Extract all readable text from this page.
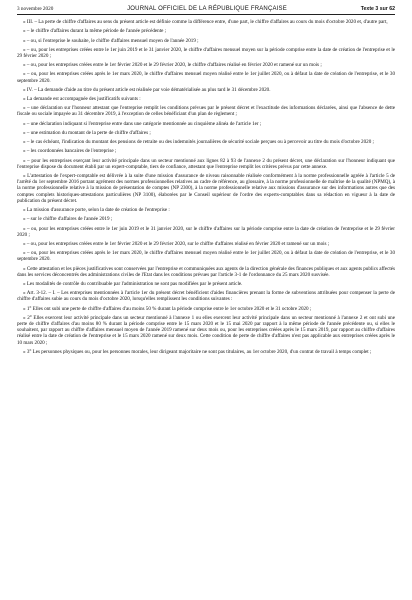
3 novembre 2020	JOURNAL OFFICIEL DE LA RÉPUBLIQUE FRANÇAISE	Texte 3 sur 62

« III. – La perte de chiffre d'affaires au sens du présent article est définie comme la différence entre, d'une part, le chiffre d'affaires au cours du mois d'octobre 2020 et, d'autre part,

« – le chiffre d'affaires durant la même période de l'année précédente ;

« – ou, si l'entreprise le souhaite, le chiffre d'affaires mensuel moyen de l'année 2019 ;

« – ou, pour les entreprises créées entre le 1er juin 2019 et le 31 janvier 2020, le chiffre d'affaires mensuel moyen sur la période comprise entre la date de création de l'entreprise et le 29 février 2020 ;

« – ou, pour les entreprises créées entre le 1er février 2020 et le 29 février 2020, le chiffre d'affaires réalisé en février 2020 et ramené sur un mois ;

« – ou, pour les entreprises créées après le 1er mars 2020, le chiffre d'affaires mensuel moyen réalisé entre le 1er juillet 2020, ou à défaut la date de création de l'entreprise, et le 30 septembre 2020.

« IV. – La demande d'aide au titre du présent article est réalisée par voie dématérialisée au plus tard le 31 décembre 2020.

« La demande est accompagnée des justificatifs suivants :

« – une déclaration sur l'honneur attestant que l'entreprise remplit les conditions prévues par le présent décret et l'exactitude des informations déclarées, ainsi que l'absence de dette fiscale ou sociale impayée au 31 décembre 2019, à l'exception de celles bénéficiant d'un plan de règlement ;

« – une déclaration indiquant si l'entreprise entre dans une catégorie mentionnée au cinquième alinéa de l'article 1er ;

« – une estimation du montant de la perte de chiffre d'affaires ;

« – le cas échéant, l'indication du montant des pensions de retraite ou des indemnités journalières de sécurité sociale perçues ou à percevoir au titre du mois d'octobre 2020 ;

« – les coordonnées bancaires de l'entreprise ;

« – pour les entreprises exerçant leur activité principale dans un secteur mentionné aux lignes 82 à 93 de l'annexe 2 du présent décret, une déclaration sur l'honneur indiquant que l'entreprise dispose du document établi par un expert-comptable, tiers de confiance, attestant que l'entreprise remplit les critères prévus par cette annexe.

« L'attestation de l'expert-comptable est délivrée à la suite d'une mission d'assurance de niveau raisonnable réalisée conformément à la norme professionnelle agréée à l'article 5 de l'arrêté du 1er septembre 2016 portant agrément des normes professionnelles relatives au cadre de référence, au glossaire, à la norme professionnelle de maîtrise de la qualité (NPMQ), à la norme professionnelle relative à la mission de présentation de comptes (NP 2300), à la norme professionnelle relative aux missions d'assurance sur des informations autres que des comptes complets historiques-attestations particulières (NP 3100), élaborées par le Conseil supérieur de l'ordre des experts-comptables dans sa rédaction en vigueur à la date de publication du présent décret.

« La mission d'assurance porte, selon la date de création de l'entreprise :

« – sur le chiffre d'affaires de l'année 2019 ;

« – ou, pour les entreprises créées entre le 1er juin 2019 et le 31 janvier 2020, sur le chiffre d'affaires sur la période comprise entre la date de création de l'entreprise et le 29 février 2020 ;

« – ou, pour les entreprises créées entre le 1er février 2020 et le 29 février 2020, sur le chiffre d'affaires réalisé en février 2020 et ramené sur un mois ;

« – ou, pour les entreprises créées après le 1er mars 2020, le chiffre d'affaires mensuel moyen réalisé entre le 1er juillet 2020, ou à défaut la date de création de l'entreprise, et le 30 septembre 2020.

« Cette attestation et les pièces justificatives sont conservées par l'entreprise et communiquées aux agents de la direction générale des finances publiques et aux agents publics affectés dans les services déconcentrés des administrations civiles de l'Etat dans les conditions prévues par l'article 3-1 de l'ordonnance du 25 mars 2020 susvisée.

« Les modalités de contrôle du contribuable par l'administration ne sont pas modifiées par le présent article.

« Art. 3-12. – I. – Les entreprises mentionnées à l'article 1er du présent décret bénéficient d'aides financières prenant la forme de subventions attribuées pour compenser la perte de chiffre d'affaires subie au cours du mois d'octobre 2020, lorsqu'elles remplissent les conditions suivantes :

« 1° Elles ont subi une perte de chiffre d'affaires d'au moins 50 % durant la période comprise entre le 1er octobre 2020 et le 31 octobre 2020 ;

« 2° Elles exercent leur activité principale dans un secteur mentionné à l'annexe 1 ou elles exercent leur activité principale dans un secteur mentionné à l'annexe 2 et ont subi une perte de chiffre d'affaires d'au moins 80 % durant la période comprise entre le 15 mars 2020 et le 15 mai 2020 par rapport à la même période de l'année précédente ou, si elles le souhaitent, par rapport au chiffre d'affaires mensuel moyen de l'année 2019 ramené sur deux mois ou, pour les entreprises créées après le 15 mars 2019, par rapport au chiffre d'affaires réalisé entre la date de création de l'entreprise et le 15 mars 2020 ramené sur deux mois. Cette condition de perte de chiffre d'affaires n'est pas applicable aux entreprises créées après le 10 mars 2020 ;

« 3° Les personnes physiques ou, pour les personnes morales, leur dirigeant majoritaire ne sont pas titulaires, au 1er octobre 2020, d'un contrat de travail à temps complet ;
